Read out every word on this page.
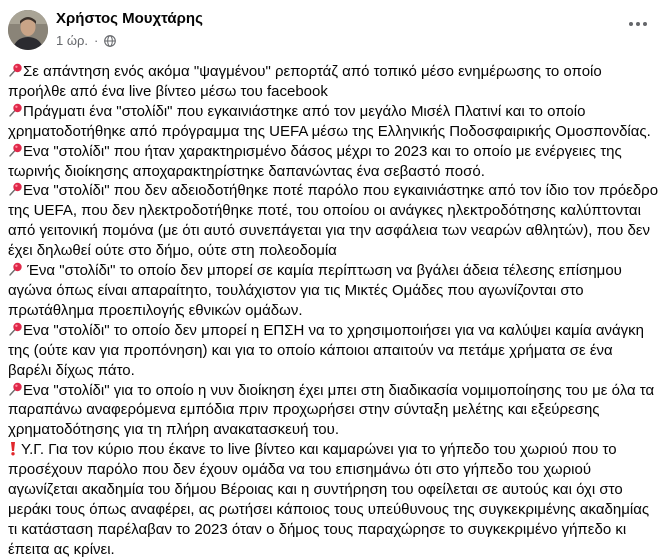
Χρήστος Μουχτάρης
1 ώρ. ·

Σε απάντηση ενός ακόμα "ψαγμένου" ρεπορτάζ από τοπικό μέσο ενημέρωσης το οποίο προήλθε από ένα live βίντεο μέσω του facebook

Πράγματι ένα "στολίδι" που εγκαινιάστηκε από τον μεγάλο Μισέλ Πλατινί και το οποίο χρηματοδοτήθηκε από πρόγραμμα της UEFA μέσω της Ελληνικής Ποδοσφαιρικής Ομοσπονδίας.

Ενα "στολίδι" που ήταν χαρακτηρισμένο δάσος μέχρι το 2023 και το οποίο με ενέργειες της τωρινής διοίκησης αποχαρακτηρίστηκε δαπανώντας ένα σεβαστό ποσό.

Ενα "στολίδι" που δεν αδειοδοτήθηκε ποτέ παρόλο που εγκαινιάστηκε από τον ίδιο τον πρόεδρο της UEFA, που δεν ηλεκτροδοτήθηκε ποτέ, του οποίου οι ανάγκες ηλεκτροδότησης καλύπτονται από γειτονική πομόνα (με ότι αυτό συνεπάγεται για την ασφάλεια των νεαρών αθλητών), που δεν έχει δηλωθεί ούτε στο δήμο, ούτε στη πολεοδομία

Ένα "στολίδι" το οποίο δεν μπορεί σε καμία περίπτωση να βγάλει άδεια τέλεσης επίσημου αγώνα όπως είναι απαραίτητο, τουλάχιστον για τις Μικτές Ομάδες που αγωνίζονται στο πρωτάθλημα προεπιλογής εθνικών ομάδων.

Ενα "στολίδι" το οποίο δεν μπορεί η ΕΠΣΗ να το χρησιμοποιήσει για να καλύψει καμία ανάγκη της (ούτε καν για προπόνηση) και για το οποίο κάποιοι απαιτούν να πετάμε χρήματα σε ένα βαρέλι δίχως πάτο.

Ενα "στολίδι" για το οποίο η νυν διοίκηση έχει μπει στη διαδικασία νομιμοποίησης του με όλα τα παραπάνω αναφερόμενα εμπόδια πριν προχωρήσει στην σύνταξη μελέτης και εξεύρεσης χρηματοδότησης για τη πλήρη ανακατασκευή του.

Υ.Γ. Για τον κύριο που έκανε το live βίντεο και καμαρώνει για το γήπεδο του χωριού που το προσέχουν παρόλο που δεν έχουν ομάδα να του επισημάνω ότι στο γήπεδο του χωριού αγωνίζεται ακαδημία του δήμου Βέροιας και η συντήρηση του οφείλεται σε αυτούς και όχι στο μεράκι τους όπως αναφέρει, ας ρωτήσει κάποιος τους υπεύθυνους της συγκεκριμένης ακαδημίας τι κατάσταση παρέλαβαν το 2023 όταν ο δήμος τους παραχώρησε το συγκεκριμένο γήπεδο κι έπειτα ας κρίνει.
